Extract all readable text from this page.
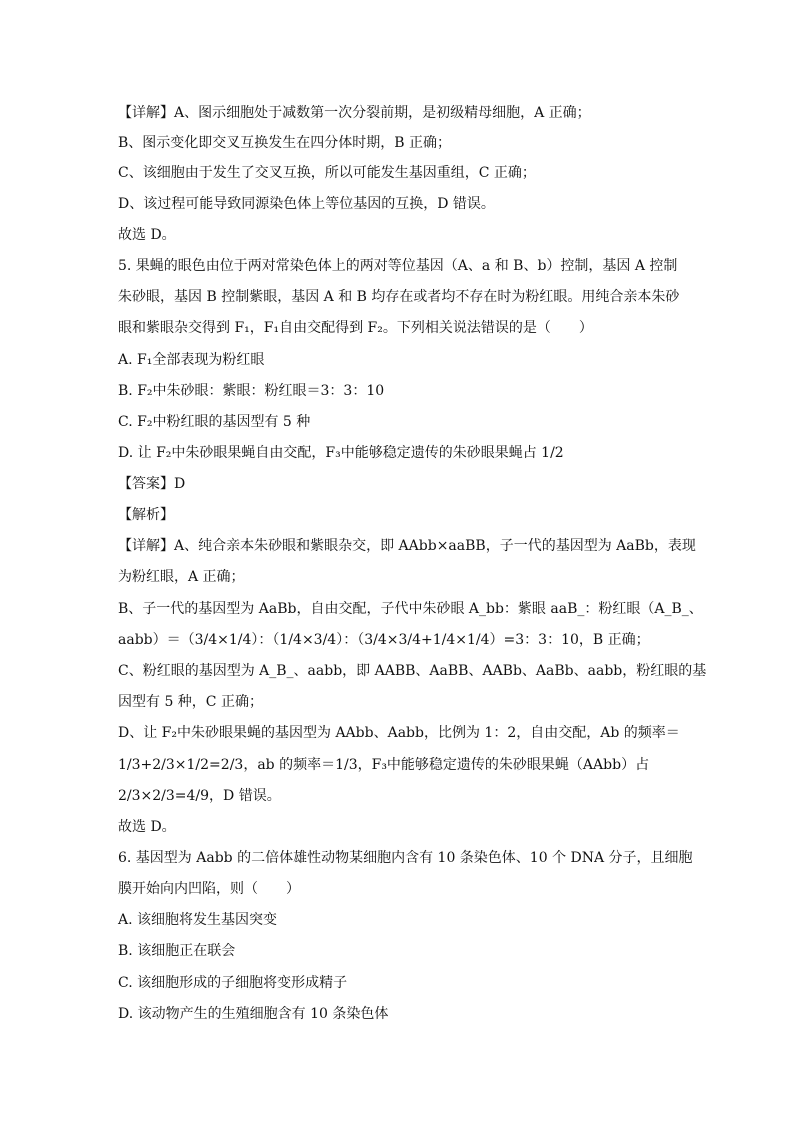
【详解】A、图示细胞处于减数第一次分裂前期，是初级精母细胞，A 正确；
B、图示变化即交叉互换发生在四分体时期，B 正确；
C、该细胞由于发生了交叉互换，所以可能发生基因重组，C 正确；
D、该过程可能导致同源染色体上等位基因的互换，D 错误。
故选 D。
5. 果蝇的眼色由位于两对常染色体上的两对等位基因（A、a 和 B、b）控制，基因 A 控制
朱砂眼，基因 B 控制紫眼，基因 A 和 B 均存在或者均不存在时为粉红眼。用纯合亲本朱砂
眼和紫眼杂交得到 F₁，F₁自由交配得到 F₂。下列相关说法错误的是（　　）
A. F₁全部表现为粉红眼
B. F₂中朱砂眼：紫眼：粉红眼＝3：3：10
C. F₂中粉红眼的基因型有 5 种
D. 让 F₂中朱砂眼果蝇自由交配，F₃中能够稳定遗传的朱砂眼果蝇占 1/2
【答案】D
【解析】
【详解】A、纯合亲本朱砂眼和紫眼杂交，即 AAbb×aaBB，子一代的基因型为 AaBb，表现
为粉红眼，A 正确；
B、子一代的基因型为 AaBb，自由交配，子代中朱砂眼 A_bb：紫眼 aaB_：粉红眼（A_B_、
aabb）＝（3/4×1/4）：（1/4×3/4）：（3/4×3/4+1/4×1/4）=3：3：10，B 正确；
C、粉红眼的基因型为 A_B_、aabb，即 AABB、AaBB、AABb、AaBb、aabb，粉红眼的基
因型有 5 种，C 正确；
D、让 F₂中朱砂眼果蝇的基因型为 AAbb、Aabb，比例为 1：2，自由交配，Ab 的频率＝
1/3+2/3×1/2=2/3，ab 的频率＝1/3，F₃中能够稳定遗传的朱砂眼果蝇（AAbb）占
2/3×2/3=4/9，D 错误。
故选 D。
6. 基因型为 Aabb 的二倍体雄性动物某细胞内含有 10 条染色体、10 个 DNA 分子，且细胞
膜开始向内凹陷，则（　　）
A. 该细胞将发生基因突变
B. 该细胞正在联会
C. 该细胞形成的子细胞将变形成精子
D. 该动物产生的生殖细胞含有 10 条染色体
